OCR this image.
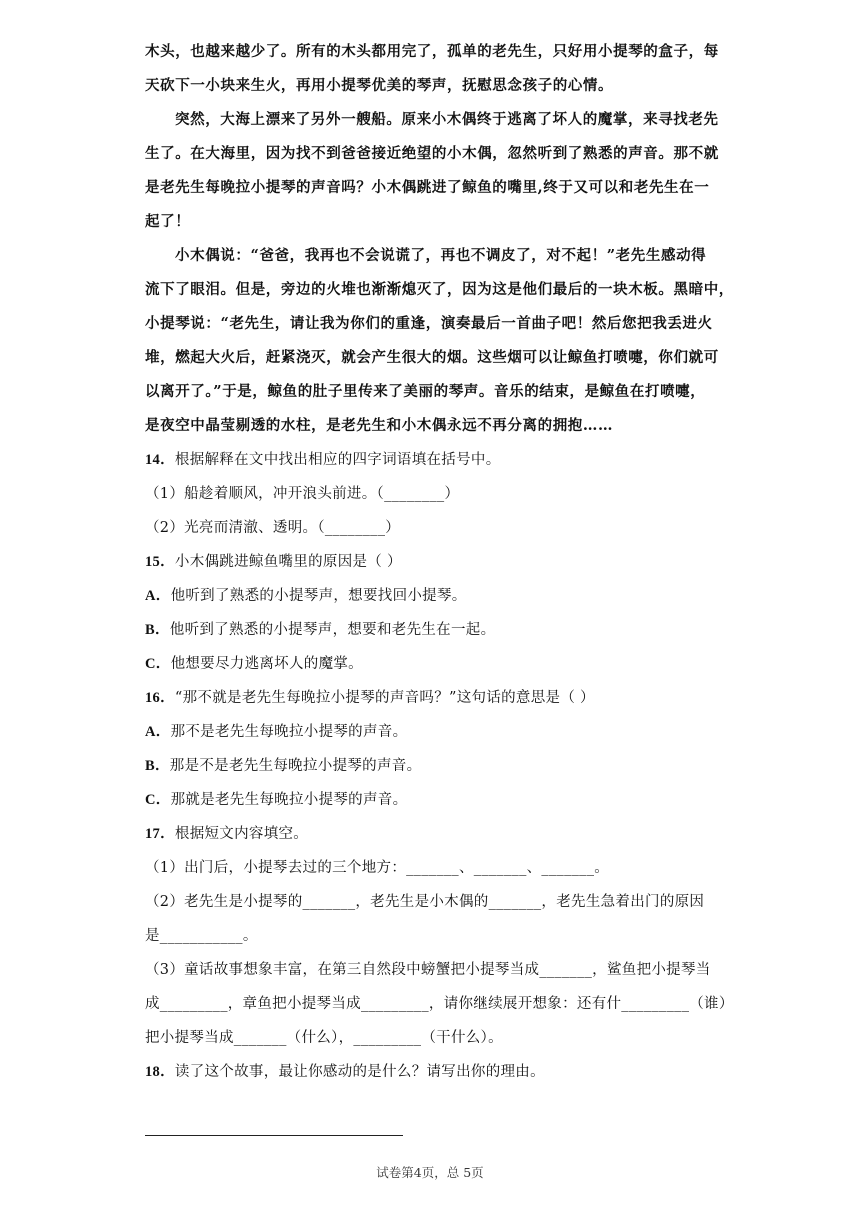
木头，也越来越少了。所有的木头都用完了，孤单的老先生，只好用小提琴的盒子，每
天砍下一小块来生火，再用小提琴优美的琴声，抚慰思念孩子的心情。
突然，大海上漂来了另外一艘船。原来小木偶终于逃离了坏人的魔掌，来寻找老先
生了。在大海里，因为找不到爸爸接近绝望的小木偶，忽然听到了熟悉的声音。那不就
是老先生每晚拉小提琴的声音吗？小木偶跳进了鲸鱼的嘴里,终于又可以和老先生在一
起了！
小木偶说：“爸爸，我再也不会说谎了，再也不调皮了，对不起！”老先生感动得
流下了眼泪。但是，旁边的火堆也渐渐熄灭了，因为这是他们最后的一块木板。黑暗中，
小提琴说：“老先生，请让我为你们的重逢，演奏最后一首曲子吧！然后您把我丢进火
堆，燃起大火后，赶紧浇灭，就会产生很大的烟。这些烟可以让鲸鱼打喷嚏，你们就可
以离开了。”于是，鲸鱼的肚子里传来了美丽的琴声。音乐的结束，是鲸鱼在打喷嚏，
是夜空中晶莹剔透的水柱，是老先生和小木偶永远不再分离的拥抱……
14．根据解释在文中找出相应的四字词语填在括号中。
（1）船趁着顺风，冲开浪头前进。（________）
（2）光亮而清澈、透明。（________）
15．小木偶跳进鲸鱼嘴里的原因是（ ）
A．他听到了熟悉的小提琴声，想要找回小提琴。
B．他听到了熟悉的小提琴声，想要和老先生在一起。
C．他想要尽力逃离坏人的魔掌。
16．“那不就是老先生每晚拉小提琴的声音吗？”这句话的意思是（ ）
A．那不是老先生每晚拉小提琴的声音。
B．那是不是老先生每晚拉小提琴的声音。
C．那就是老先生每晚拉小提琴的声音。
17．根据短文内容填空。
（1）出门后，小提琴去过的三个地方：_______、_______、_______。
（2）老先生是小提琴的_______，老先生是小木偶的_______，老先生急着出门的原因
是___________。
（3）童话故事想象丰富，在第三自然段中螃蟹把小提琴当成_______，鲨鱼把小提琴当
成_________，章鱼把小提琴当成_________，请你继续展开想象：还有什_________（谁）
把小提琴当成_______（什么），_________（干什么）。
18．读了这个故事，最让你感动的是什么？请写出你的理由。
试卷第4页，总 5页
